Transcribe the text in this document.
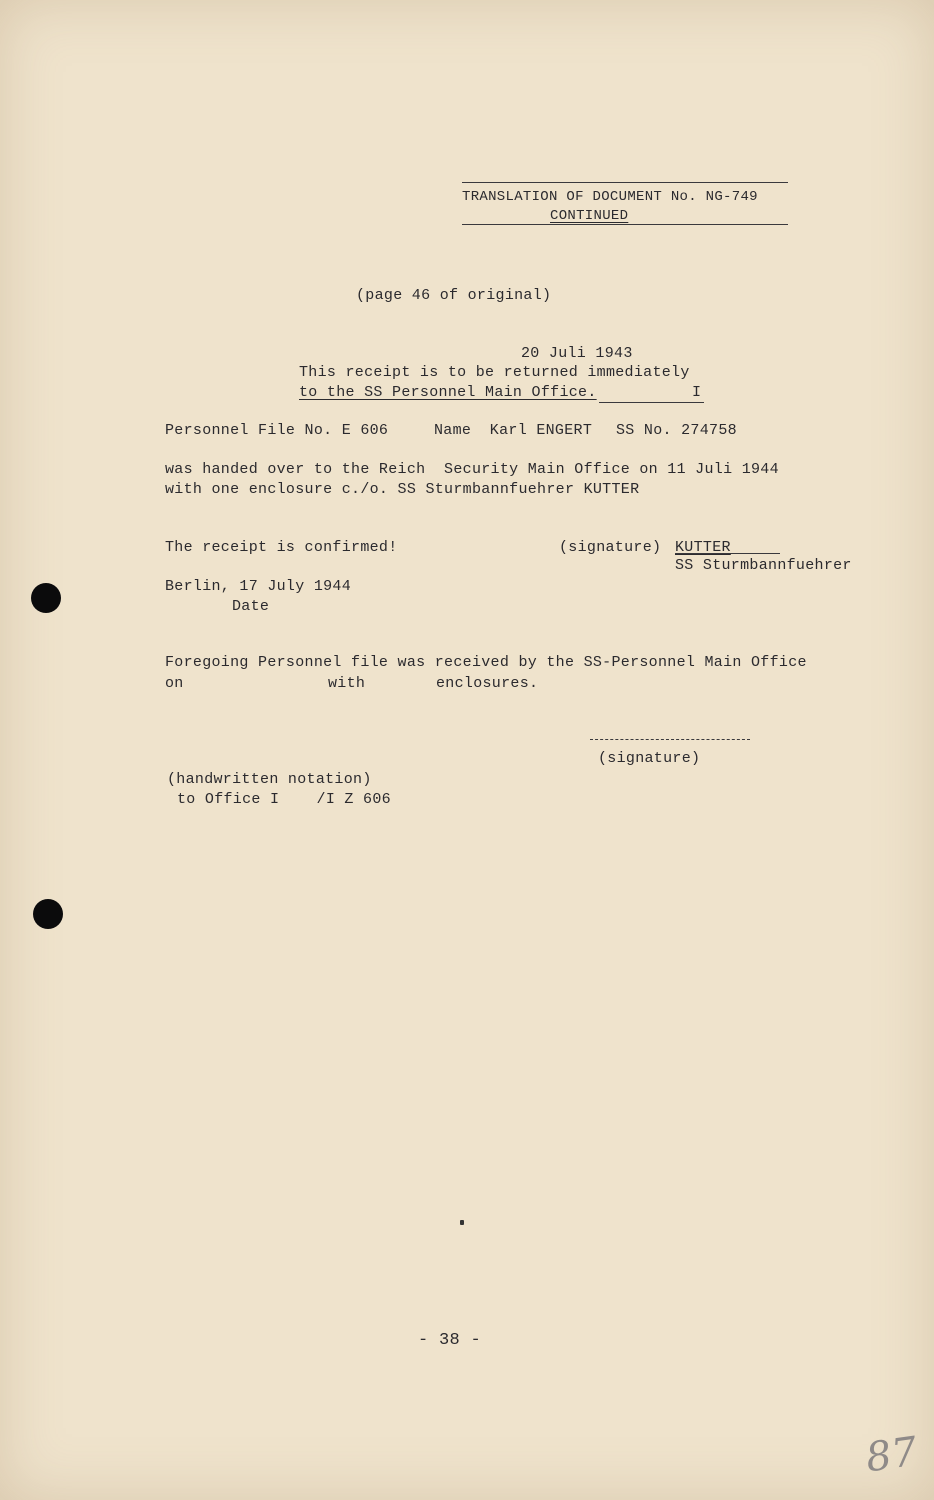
TRANSLATION OF DOCUMENT No. NG-749
CONTINUED
(page 46 of original)
20 Juli 1943
This receipt is to be returned immediately
to the SS Personnel Main Office.	I
Personnel File No. E 606	Name  Karl ENGERT SS No. 274758
was handed over to the Reich  Security Main Office on 11 Juli 1944
with one enclosure c./o. SS Sturmbannfuehrer KUTTER
The receipt is confirmed!	(signature) KUTTER
SS Sturmbannfuehrer
Berlin, 17 July 1944
Date
Foregoing Personnel file was received by the SS-Personnel Main Office
on	with	enclosures.
(signature)
(handwritten notation)
to Office I    /I Z 606
- 38 -
87
